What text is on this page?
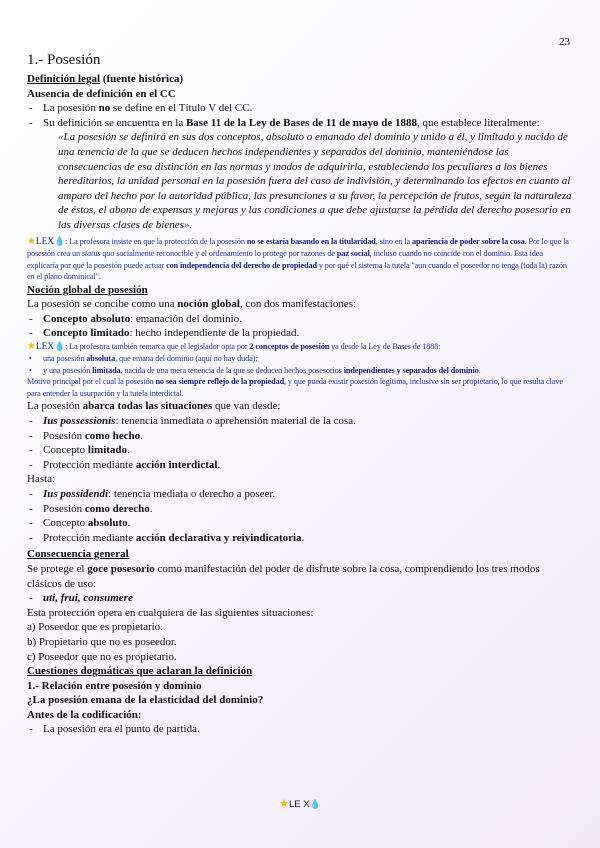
23

1.- Posesión

Definición legal (fuente histórica)

Ausencia de definición en el CC

- La posesión no se define en el Título V del CC.
- Su definición se encuentra en la Base 11 de la Ley de Bases de 11 de mayo de 1888, que establece literalmente:

«La posesión se definirá en sus dos conceptos, absoluto o emanado del dominio y unido a él, y limitado y nacido de una tenencia de la que se deducen hechos independientes y separados del dominio, manteniéndose las consecuencias de esa distinción en las normas y modos de adquirirla, estableciendo los peculiares a los bienes hereditarios, la unidad personal en la posesión fuera del caso de indivisión, y determinando los efectos en cuanto al amparo del hecho por la autoridad pública, las presunciones a su favor, la percepción de frutos, según la naturaleza de éstos, el abono de expensas y mejoras y las condiciones a que debe ajustarse la pérdida del derecho posesorio en las diversas clases de bienes».

★LEX💧: La profesora insiste en que la protección de la posesión no se estaría basando en la titularidad, sino en la apariencia de poder sobre la cosa. Por lo que la posesión crea un status quo socialmente reconocible y el ordenamiento lo protege por razones de paz social, incluso cuando no coincide con el dominio. Esta idea explicaría por qué la posesión puede actuar con independencia del derecho de propiedad y por qué el sistema la tutela "aun cuando el poseedor no tenga (toda la) razón en el plano dominical".

Noción global de posesión

La posesión se concibe como una noción global, con dos manifestaciones:

- Concepto absoluto: emanación del dominio.
- Concepto limitado: hecho independiente de la propiedad.

★LEX💧: La profesora también remarca que el legislador opta por 2 conceptos de posesión ya desde la Ley de Bases de 1888:

• una posesión absoluta, que emana del dominio (aquí no hay duda);
• y una posesión limitada, nacida de una mera tenencia de la que se deducen hechos posesorios independientes y separados del dominio.

Motivo principal por el cual la posesión no sea siempre reflejo de la propiedad, y que pueda existir posesión legítima, inclusive sin ser propietario, lo que resulta clave para entender la usurpación y la tutela interdictal.

La posesión abarca todas las situaciones que van desde:

- Ius possessionis: tenencia inmediata o aprehensión material de la cosa.
- Posesión como hecho.
- Concepto limitado.
- Protección mediante acción interdictal.

Hasta:

- Ius possidendi: tenencia mediata o derecho a poseer.
- Posesión como derecho.
- Concepto absoluto.
- Protección mediante acción declarativa y reivindicatoria.

Consecuencia general

Se protege el goce posesorio como manifestación del poder de disfrute sobre la cosa, comprendiendo los tres modos clásicos de uso:

- uti, frui, consumere

Esta protección opera en cualquiera de las siguientes situaciones:

a) Poseedor que es propietario.
b) Propietario que no es poseedor.
c) Poseedor que no es propietario.

Cuestiones dogmáticas que aclaran la definición

1.- Relación entre posesión y dominio

¿La posesión emana de la elasticidad del dominio?

Antes de la codificación:

- La posesión era el punto de partida.
★LE X💧
